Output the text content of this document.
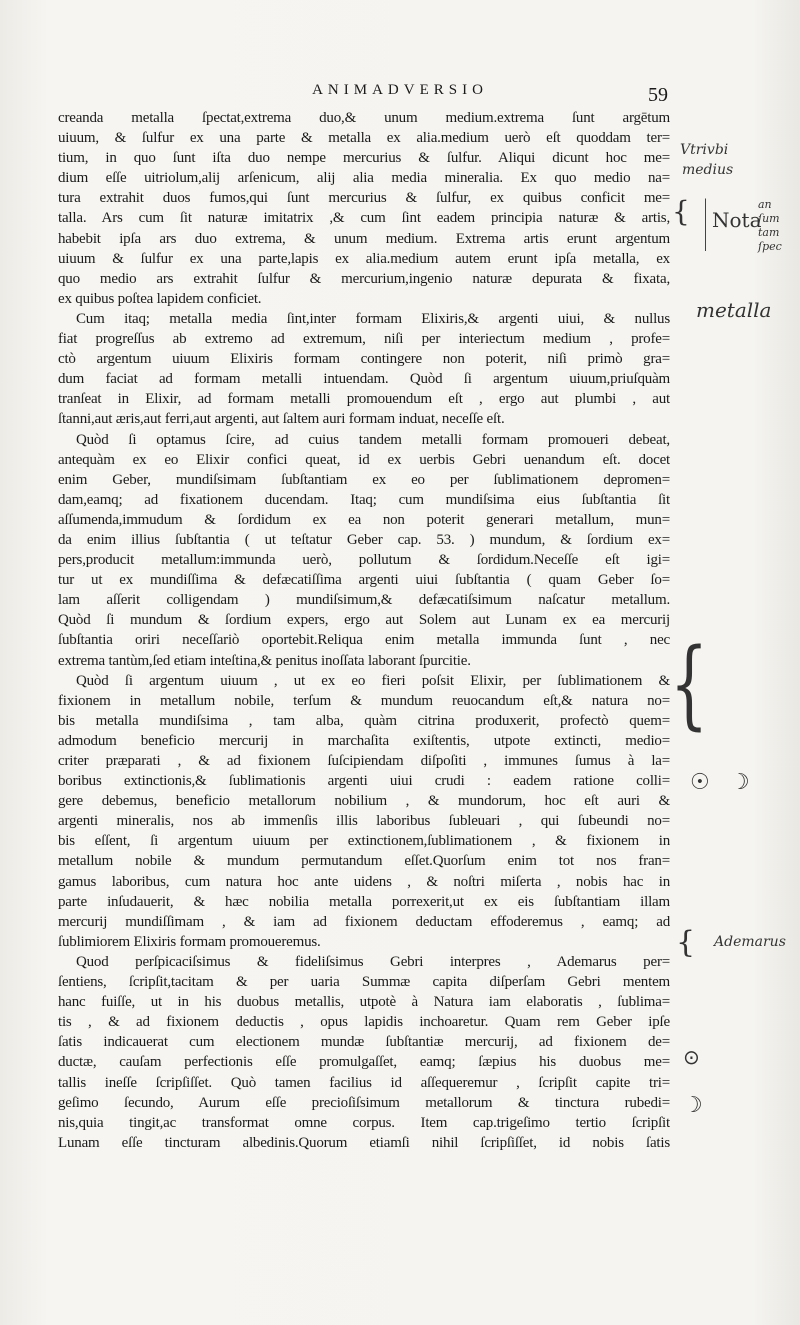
ANIMADVERSIO	59
creanda metalla ſpectat,extrema duo,& unum medium.extrema ſunt argētum
uiuum, & ſulfur ex una parte & metalla ex alia.medium uerò eſt quoddam ter=
tium, in quo ſunt iſta duo nempe mercurius & ſulfur. Aliqui dicunt hoc me=
dium eſſe uitriolum,alij arſenicum, alij alia media mineralia. Ex quo medio na=
tura extrahit duos fumos,qui ſunt mercurius & ſulfur, ex quibus conficit me=
talla. Ars cum ſit naturæ imitatrix ,& cum ſint eadem principia naturæ & artis,
habebit ipſa ars duo extrema, & unum medium. Extrema artis erunt argentum
uiuum & ſulfur ex una parte,lapis ex alia.medium autem erunt ipſa metalla, ex
quo medio ars extrahit ſulfur & mercurium,ingenio naturæ depurata & fixata,
ex quibus poſtea lapidem conficiet.
Cum itaq; metalla media ſint,inter formam Elixiris,& argenti uiui, & nullus
fiat progreſſus ab extremo ad extremum, niſi per interiectum medium , profe=
ctò argentum uiuum Elixiris formam contingere non poterit, niſi primò gra=
dum faciat ad formam metalli intuendam. Quòd ſi argentum uiuum,priuſquàm
tranſeat in Elixir, ad formam metalli promouendum eſt , ergo aut plumbi , aut
ſtanni,aut æris,aut ferri,aut argenti, aut ſaltem auri formam induat, neceſſe eſt.
Quòd ſi optamus ſcire, ad cuius tandem metalli formam promoueri debeat,
antequàm ex eo Elixir confici queat, id ex uerbis Gebri uenandum eſt. docet
enim Geber, mundiſsimam ſubſtantiam ex eo per ſublimationem depromen=
dam,eamq; ad fixationem ducendam. Itaq; cum mundiſsima eius ſubſtantia ſit
aſſumenda,immudum & ſordidum ex ea non poterit generari metallum, mun=
da enim illius ſubſtantia ( ut teſtatur Geber cap. 53. ) mundum, & ſordium ex=
pers,producit metallum:immunda uerò, pollutum & ſordidum.Neceſſe eſt igi=
tur ut ex mundiſſima & defæcatiſſima argenti uiui ſubſtantia ( quam Geber ſo=
lam aſſerit colligendam ) mundiſsimum,& defæcatiſsimum naſcatur metallum.
Quòd ſi mundum & ſordium expers, ergo aut Solem aut Lunam ex ea mercurij
ſubſtantia oriri neceſſariò oportebit.Reliqua enim metalla immunda ſunt , nec
extrema tantùm,ſed etiam inteſtina,& penitus inoſſata laborant ſpurcitie.
Quòd ſi argentum uiuum , ut ex eo fieri poſsit Elixir, per ſublimationem &
fixionem in metallum nobile, terſum & mundum reuocandum eſt,& natura no=
bis metalla mundiſsima , tam alba, quàm citrina produxerit, profectò quem=
admodum beneficio mercurij in marchaſita exiſtentis, utpote extincti, medio=
criter præparati , & ad fixionem ſuſcipiendam diſpoſiti , immunes ſumus à la=
boribus extinctionis,& ſublimationis argenti uiui crudi : eadem ratione colli=
gere debemus, beneficio metallorum nobilium , & mundorum, hoc eſt auri &
argenti mineralis, nos ab immenſis illis laboribus ſubleuari , qui ſubeundi no=
bis eſſent, ſi argentum uiuum per extinctionem,ſublimationem , & fixionem in
metallum nobile & mundum permutandum eſſet.Quorſum enim tot nos fran=
gamus laboribus, cum natura hoc ante uidens , & noſtri miſerta , nobis hac in
parte inſudauerit, & hæc nobilia metalla porrexerit,ut ex eis ſubſtantiam illam
mercurij mundiſſimam , & iam ad fixionem deductam effoderemus , eamq; ad
ſublimiorem Elixiris formam promoueremus.
Quod perſpicaciſsimus & fideliſsimus Gebri interpres , Ademarus per=
ſentiens, ſcripſit,tacitam & per uaria Summæ capita diſperſam Gebri mentem
hanc fuiſſe, ut in his duobus metallis, utpotè à Natura iam elaboratis , ſublima=
tis , & ad fixionem deductis , opus lapidis inchoaretur. Quam rem Geber ipſe
ſatis indicauerat cum electionem mundæ ſubſtantiæ mercurij, ad fixionem de=
ductæ, cauſam perfectionis eſſe promulgaſſet, eamq; ſæpius his duobus me=
tallis ineſſe ſcripſiſſet. Quò tamen facilius id aſſequeremur , ſcripſit capite tri=
geſimo ſecundo, Aurum eſſe precioſiſsimum metallorum & tinctura rubedi=
nis,quia tingit,ac transformat omne corpus. Item cap.trigeſimo tertio ſcripſit
Lunam eſſe tincturam albedinis.Quorum etiamſi nihil ſcripſiſſet, id nobis ſatis
Vtrivbi
medius
{ Nota
an
ſum
tam
ſpec
metalla
{
☉ ☽
{ Ademarus
⊙
☽
